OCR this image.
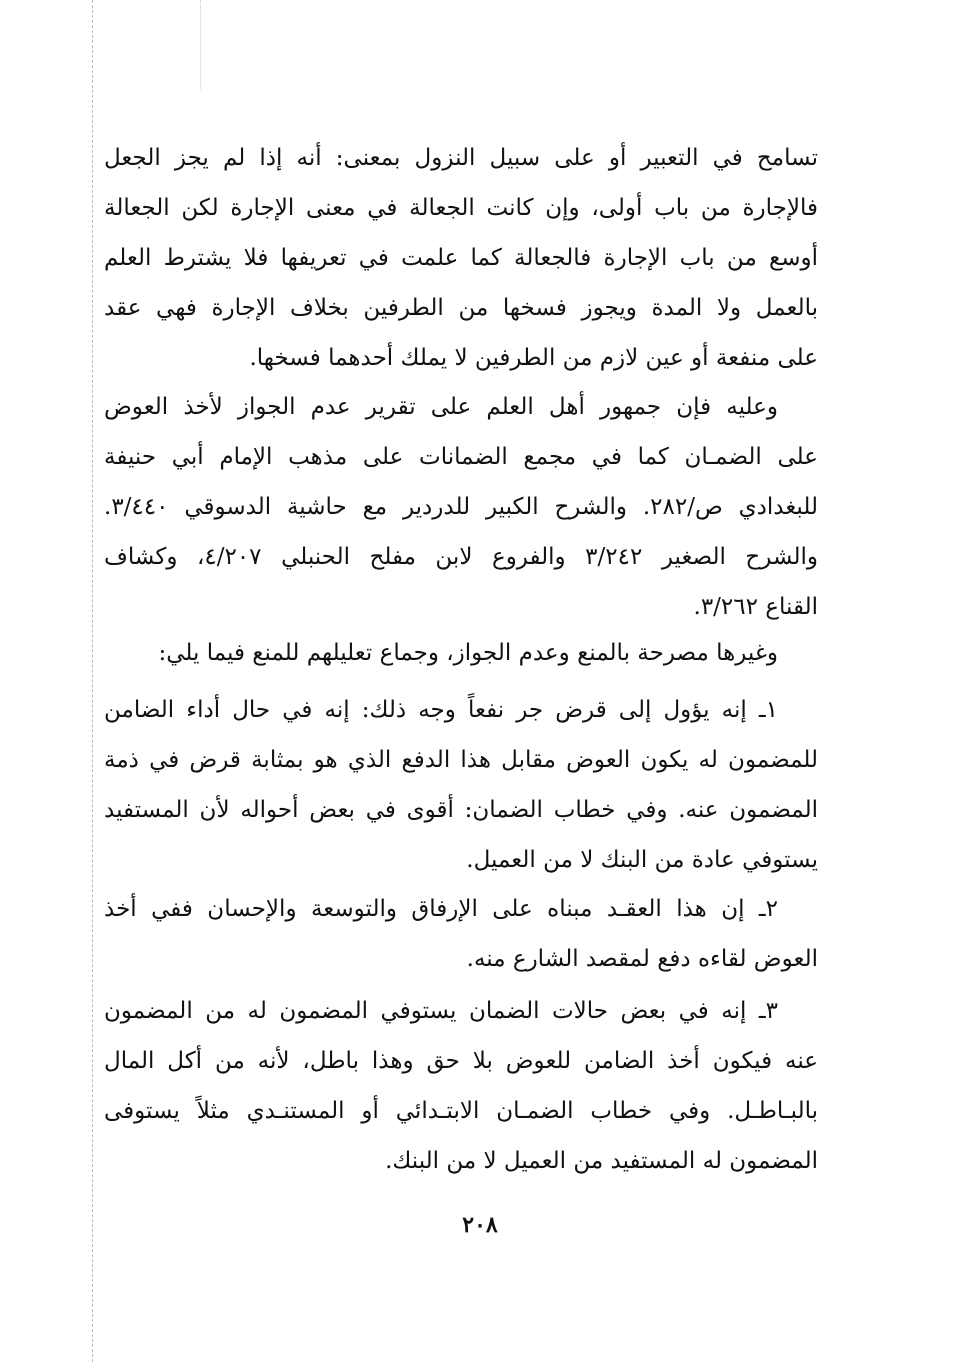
تسامح في التعبير أو على سبيل النزول بمعنى: أنه إذا لم يجز الجعل
فالإجارة من باب أولى، وإن كانت الجعالة في معنى الإجارة لكن الجعالة
أوسع من باب الإجارة فالجعالة كما علمت في تعريفها فلا يشترط العلم
بالعمل ولا المدة ويجوز فسخها من الطرفين بخلاف الإجارة فهي عقد
على منفعة أو عين لازم من الطرفين لا يملك أحدهما فسخها.
وعليه فإن جمهور أهل العلم على تقرير عدم الجواز لأخذ العوض
على الضمـان كما في مجمع الضمانات على مذهب الإمام أبي حنيفة
للبغدادي ص/٢٨٢. والشرح الكبير للدردير مع حاشية الدسوقي ٣/٤٤٠.
والشرح الصغير ٣/٢٤٢ والفروع لابن مفلح الحنبلي ٤/٢٠٧، وكشاف
القناع ٣/٢٦٢.
وغيرها مصرحة بالمنع وعدم الجواز، وجماع تعليلهم للمنع فيما يلي:
١ـ إنه يؤول إلى قرض جر نفعاً وجه ذلك: إنه في حال أداء الضامن
للمضمون له يكون العوض مقابل هذا الدفع الذي هو بمثابة قرض في ذمة
المضمون عنه. وفي خطاب الضمان: أقوى في بعض أحواله لأن المستفيد
يستوفي عادة من البنك لا من العميل.
٢ـ إن هذا العقـد مبناه على الإرفاق والتوسعة والإحسان ففي أخذ
العوض لقاءه دفع لمقصد الشارع منه.
٣ـ إنه في بعض حالات الضمان يستوفي المضمون له من المضمون
عنه فيكون أخذ الضامن للعوض بلا حق وهذا باطل، لأنه من أكل المال
بالبـاطـل. وفي خطاب الضمـان الابتـدائي أو المستنـدي مثلاً يستوفى
المضمون له المستفيد من العميل لا من البنك.
٢٠٨
